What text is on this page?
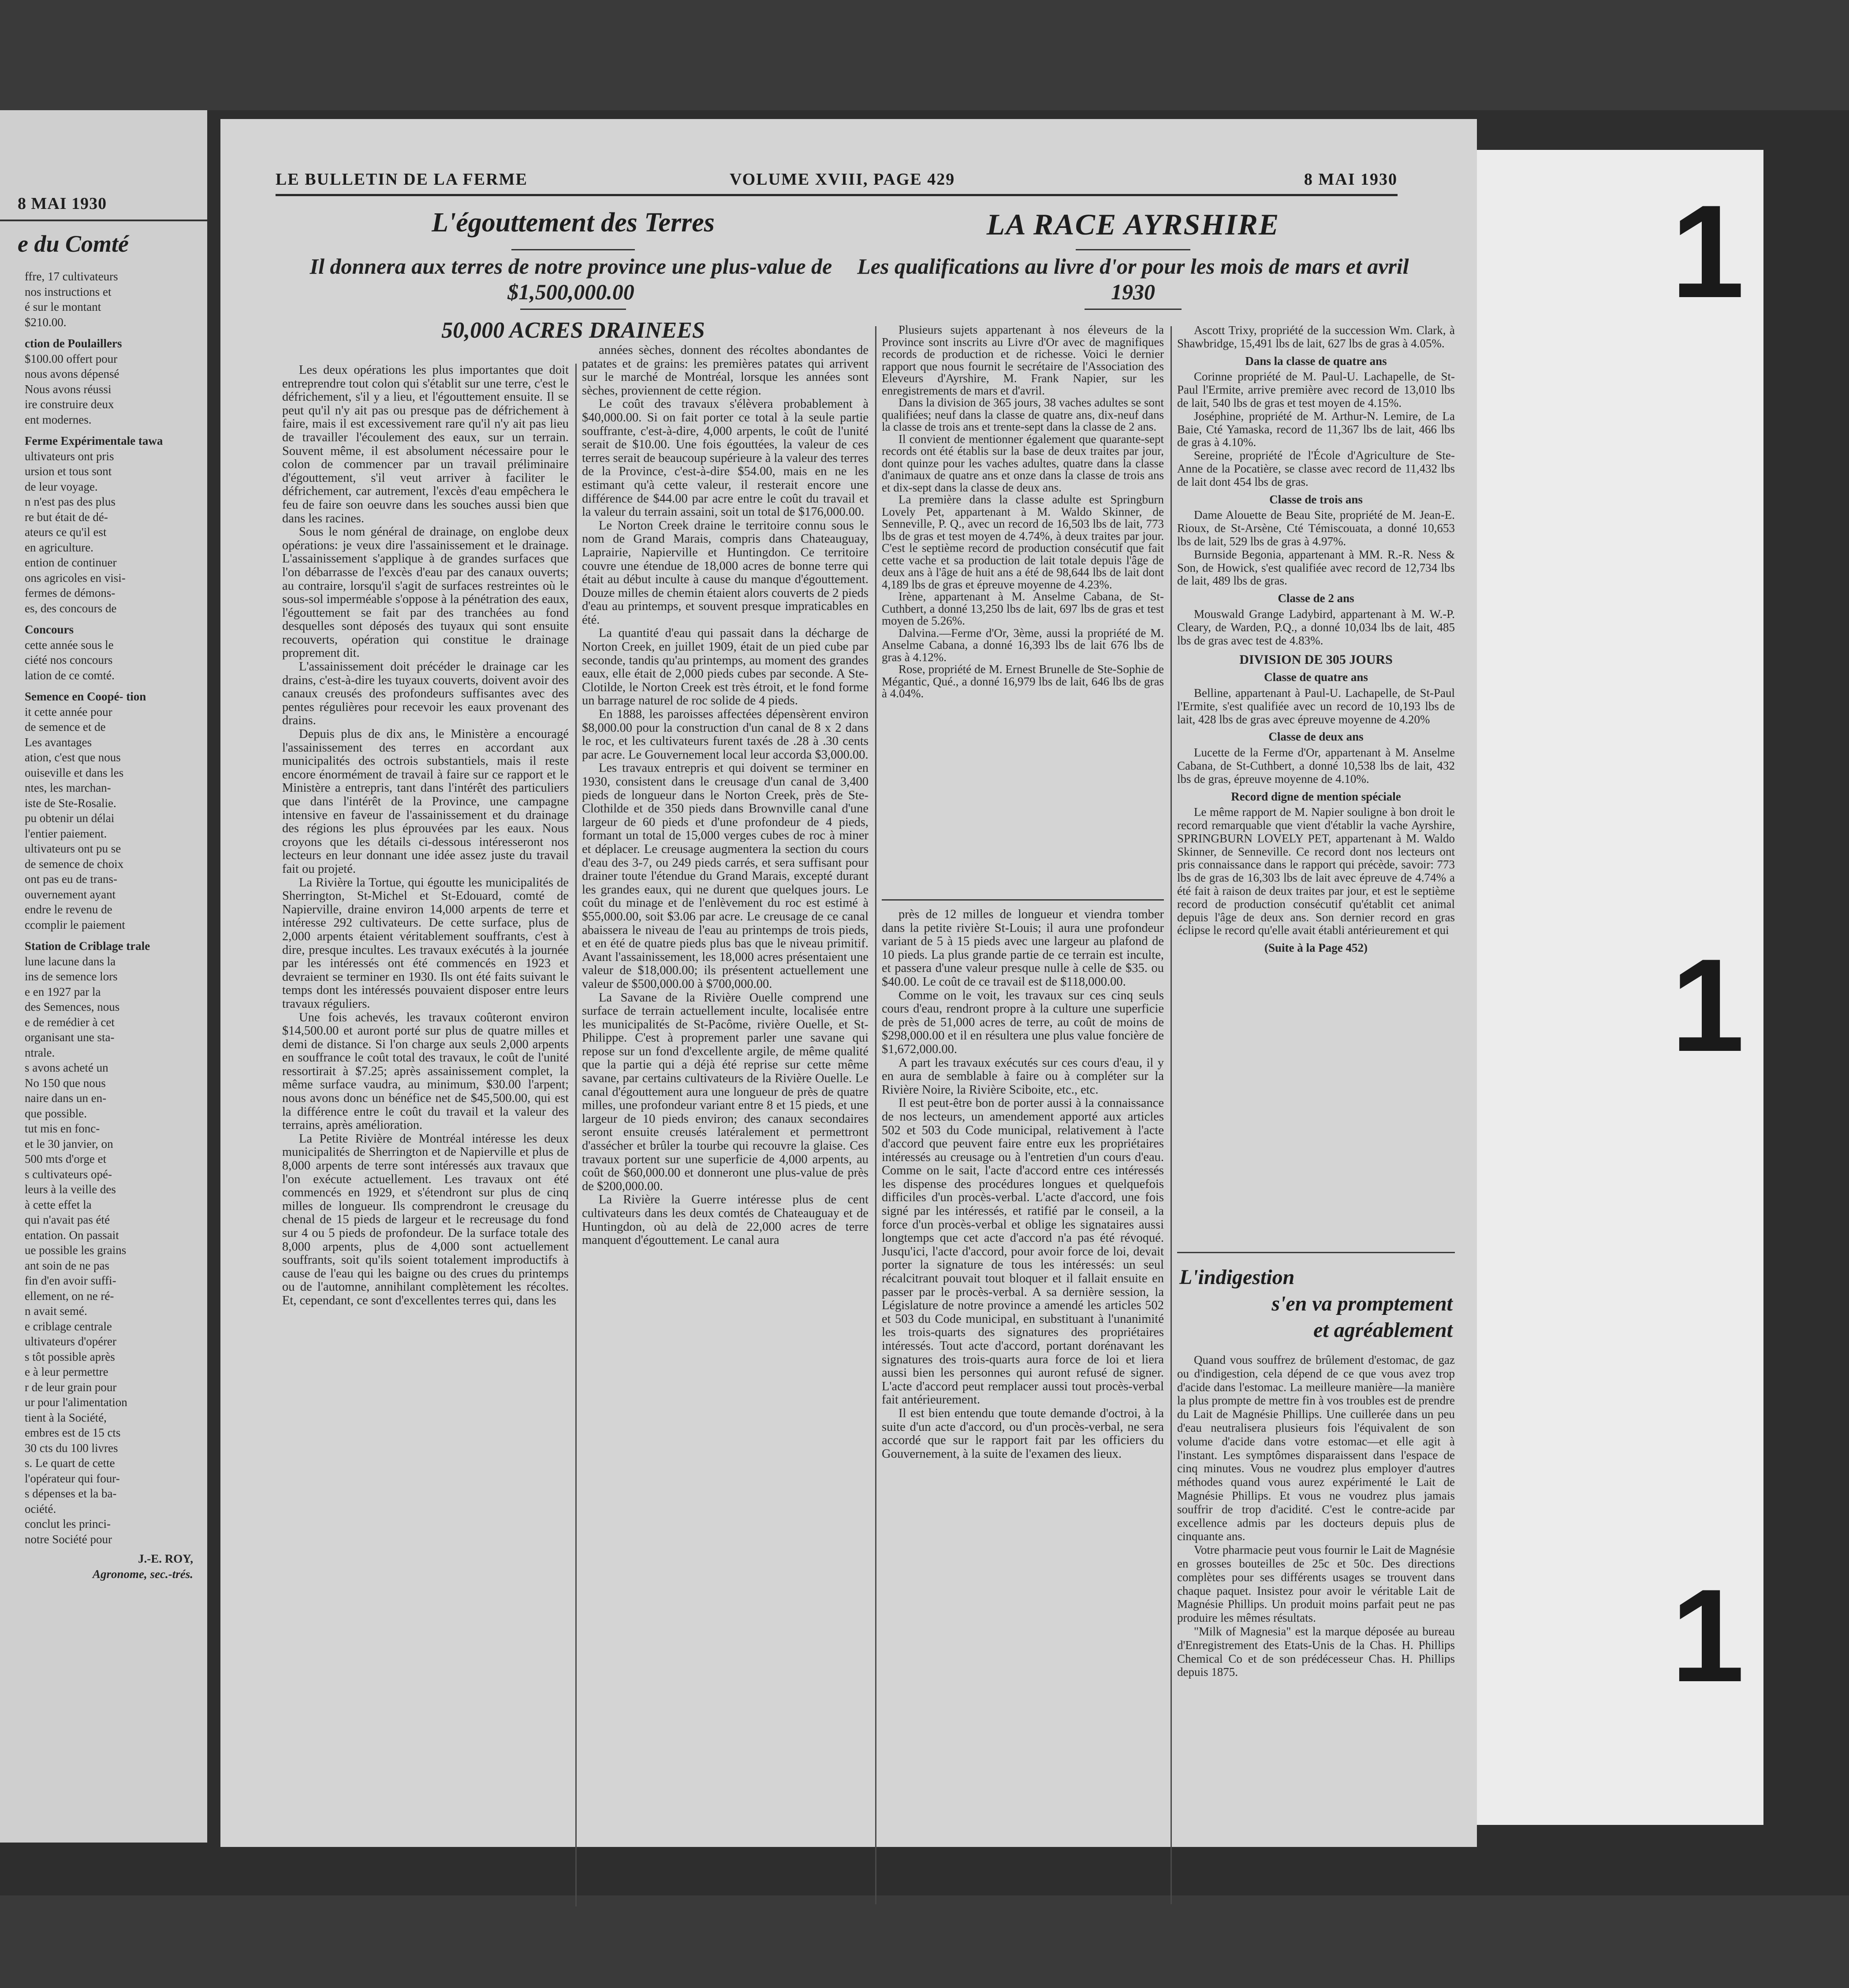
8 MAI 1930
e du Comté

ffre, 17 cultivateurs

nos instructions et

é sur le montant

$210.00.

ction de Poulaillers

$100.00 offert pour

nous avons dépensé

Nous avons réussi

ire construire deux

ent modernes.

Ferme Expérimentale tawa

ultivateurs ont pris

ursion et tous sont

de leur voyage.

n n'est pas des plus

re but était de dé-

ateurs ce qu'il est

en agriculture.

ention de continuer

ons agricoles en visi-

fermes de démons-

es, des concours de

Concours

cette année sous le

ciété nos concours

lation de ce comté.

Semence en Coopé- tion

it cette année pour

de semence et de

Les avantages

ation, c'est que nous

ouiseville et dans les

ntes, les marchan-

iste de Ste-Rosalie.

pu obtenir un délai

l'entier paiement.

ultivateurs ont pu se

de semence de choix

ont pas eu de trans-

ouvernement ayant

endre le revenu de

ccomplir le paiement

Station de Criblage trale

lune lacune dans la

ins de semence lors

e en 1927 par la

des Semences, nous

e de remédier à cet

organisant une sta-

ntrale.

s avons acheté un

No 150 que nous

naire dans un en-

que possible.

tut mis en fonc-

et le 30 janvier, on

500 mts d'orge et

s cultivateurs opé-

leurs à la veille des

à cette effet la

qui n'avait pas été

entation. On passait

ue possible les grains

ant soin de ne pas

fin d'en avoir suffi-

ellement, on ne ré-

n avait semé.

e criblage centrale

ultivateurs d'opérer

s tôt possible après

e à leur permettre

r de leur grain pour

ur pour l'alimentation

tient à la Société,

embres est de 15 cts

30 cts du 100 livres

s. Le quart de cette

l'opérateur qui four-

s dépenses et la ba-

ociété.

conclut les princi-

notre Société pour

J.-E. ROY,
Agronome, sec.-trés.
LE BULLETIN DE LA FERME	VOLUME XVIII, PAGE 429	8 MAI 1930
L'égouttement des Terres
Il donnera aux terres de notre province une plus-value de $1,500,000.00
50,000 ACRES DRAINEES
LA RACE AYRSHIRE
Les qualifications au livre d'or pour les mois de mars et avril 1930

Les deux opérations les plus importantes que doit entreprendre tout colon qui s'établit sur une terre, c'est le défrichement, s'il y a lieu, et l'égouttement ensuite. Il se peut qu'il n'y ait pas ou presque pas de défrichement à faire, mais il est excessivement rare qu'il n'y ait pas lieu de travailler l'écoulement des eaux, sur un terrain. Souvent même, il est absolument nécessaire pour le colon de commencer par un travail préliminaire d'égouttement, s'il veut arriver à faciliter le défrichement, car autrement, l'excès d'eau empêchera le feu de faire son oeuvre dans les souches aussi bien que dans les racines.

Sous le nom général de drainage, on englobe deux opérations: je veux dire l'assainissement et le drainage. L'assainissement s'applique à de grandes surfaces que l'on débarrasse de l'excès d'eau par des canaux ouverts; au contraire, lorsqu'il s'agit de surfaces restreintes où le sous-sol imperméable s'oppose à la pénétration des eaux, l'égouttement se fait par des tranchées au fond desquelles sont déposés des tuyaux qui sont ensuite recouverts, opération qui constitue le drainage proprement dit.

L'assainissement doit précéder le drainage car les drains, c'est-à-dire les tuyaux couverts, doivent avoir des canaux creusés des profondeurs suffisantes avec des pentes régulières pour recevoir les eaux provenant des drains.

Depuis plus de dix ans, le Ministère a encouragé l'assainissement des terres en accordant aux municipalités des octrois substantiels, mais il reste encore énormément de travail à faire sur ce rapport et le Ministère a entrepris, tant dans l'intérêt des particuliers que dans l'intérêt de la Province, une campagne intensive en faveur de l'assainissement et du drainage des régions les plus éprouvées par les eaux. Nous croyons que les détails ci-dessous intéresseront nos lecteurs en leur donnant une idée assez juste du travail fait ou projeté.

La Rivière la Tortue, qui égoutte les municipalités de Sherrington, St-Michel et St-Edouard, comté de Napierville, draine environ 14,000 arpents de terre et intéresse 292 cultivateurs. De cette surface, plus de 2,000 arpents étaient véritablement souffrants, c'est à dire, presque incultes. Les travaux exécutés à la journée par les intéressés ont été commencés en 1923 et devraient se terminer en 1930. Ils ont été faits suivant le temps dont les intéressés pouvaient disposer entre leurs travaux réguliers.

Une fois achevés, les travaux coûteront environ $14,500.00 et auront porté sur plus de quatre milles et demi de distance. Si l'on charge aux seuls 2,000 arpents en souffrance le coût total des travaux, le coût de l'unité ressortirait à $7.25; après assainissement complet, la même surface vaudra, au minimum, $30.00 l'arpent; nous avons donc un bénéfice net de $45,500.00, qui est la différence entre le coût du travail et la valeur des terrains, après amélioration.

La Petite Rivière de Montréal intéresse les deux municipalités de Sherrington et de Napierville et plus de 8,000 arpents de terre sont intéressés aux travaux que l'on exécute actuellement. Les travaux ont été commencés en 1929, et s'étendront sur plus de cinq milles de longueur. Ils comprendront le creusage du chenal de 15 pieds de largeur et le recreusage du fond sur 4 ou 5 pieds de profondeur. De la surface totale des 8,000 arpents, plus de 4,000 sont actuellement souffrants, soit qu'ils soient totalement improductifs à cause de l'eau qui les baigne ou des crues du printemps ou de l'automne, annihilant complètement les récoltes. Et, cependant, ce sont d'excellentes terres qui, dans les

années sèches, donnent des récoltes abondantes de patates et de grains: les premières patates qui arrivent sur le marché de Montréal, lorsque les années sont sèches, proviennent de cette région.

Le coût des travaux s'élèvera probablement à $40,000.00. Si on fait porter ce total à la seule partie souffrante, c'est-à-dire, 4,000 arpents, le coût de l'unité serait de $10.00. Une fois égouttées, la valeur de ces terres serait de beaucoup supérieure à la valeur des terres de la Province, c'est-à-dire $54.00, mais en ne les estimant qu'à cette valeur, il resterait encore une différence de $44.00 par acre entre le coût du travail et la valeur du terrain assaini, soit un total de $176,000.00.

Le Norton Creek draine le territoire connu sous le nom de Grand Marais, compris dans Chateauguay, Laprairie, Napierville et Huntingdon. Ce territoire couvre une étendue de 18,000 acres de bonne terre qui était au début inculte à cause du manque d'égouttement. Douze milles de chemin étaient alors couverts de 2 pieds d'eau au printemps, et souvent presque impraticables en été.

La quantité d'eau qui passait dans la décharge de Norton Creek, en juillet 1909, était de un pied cube par seconde, tandis qu'au printemps, au moment des grandes eaux, elle était de 2,000 pieds cubes par seconde. A Ste-Clotilde, le Norton Creek est très étroit, et le fond forme un barrage naturel de roc solide de 4 pieds.

En 1888, les paroisses affectées dépensèrent environ $8,000.00 pour la construction d'un canal de 8 x 2 dans le roc, et les cultivateurs furent taxés de .28 à .30 cents par acre. Le Gouvernement local leur accorda $3,000.00.

Les travaux entrepris et qui doivent se terminer en 1930, consistent dans le creusage d'un canal de 3,400 pieds de longueur dans le Norton Creek, près de Ste-Clothilde et de 350 pieds dans Brownville canal d'une largeur de 60 pieds et d'une profondeur de 4 pieds, formant un total de 15,000 verges cubes de roc à miner et déplacer. Le creusage augmentera la section du cours d'eau des 3-7, ou 249 pieds carrés, et sera suffisant pour drainer toute l'étendue du Grand Marais, excepté durant les grandes eaux, qui ne durent que quelques jours. Le coût du minage et de l'enlèvement du roc est estimé à $55,000.00, soit $3.06 par acre. Le creusage de ce canal abaissera le niveau de l'eau au printemps de trois pieds, et en été de quatre pieds plus bas que le niveau primitif. Avant l'assainissement, les 18,000 acres présentaient une valeur de $18,000.00; ils présentent actuellement une valeur de $500,000.00 à $700,000.00.

La Savane de la Rivière Ouelle comprend une surface de terrain actuellement inculte, localisée entre les municipalités de St-Pacôme, rivière Ouelle, et St-Philippe. C'est à proprement parler une savane qui repose sur un fond d'excellente argile, de même qualité que la partie qui a déjà été reprise sur cette même savane, par certains cultivateurs de la Rivière Ouelle. Le canal d'égouttement aura une longueur de près de quatre milles, une profondeur variant entre 8 et 15 pieds, et une largeur de 10 pieds environ; des canaux secondaires seront ensuite creusés latéralement et permettront d'assécher et brûler la tourbe qui recouvre la glaise. Ces travaux portent sur une superficie de 4,000 arpents, au coût de $60,000.00 et donneront une plus-value de près de $200,000.00.

La Rivière la Guerre intéresse plus de cent cultivateurs dans les deux comtés de Chateauguay et de Huntingdon, où au delà de 22,000 acres de terre manquent d'égouttement. Le canal aura

Plusieurs sujets appartenant à nos éleveurs de la Province sont inscrits au Livre d'Or avec de magnifiques records de production et de richesse. Voici le dernier rapport que nous fournit le secrétaire de l'Association des Eleveurs d'Ayrshire, M. Frank Napier, sur les enregistrements de mars et d'avril.

Dans la division de 365 jours, 38 vaches adultes se sont qualifiées; neuf dans la classe de quatre ans, dix-neuf dans la classe de trois ans et trente-sept dans la classe de 2 ans.

Il convient de mentionner également que quarante-sept records ont été établis sur la base de deux traites par jour, dont quinze pour les vaches adultes, quatre dans la classe d'animaux de quatre ans et onze dans la classe de trois ans et dix-sept dans la classe de deux ans.

La première dans la classe adulte est Springburn Lovely Pet, appartenant à M. Waldo Skinner, de Senneville, P. Q., avec un record de 16,503 lbs de lait, 773 lbs de gras et test moyen de 4.74%, à deux traites par jour. C'est le septième record de production consécutif que fait cette vache et sa production de lait totale depuis l'âge de deux ans à l'âge de huit ans a été de 98,644 lbs de lait dont 4,189 lbs de gras et épreuve moyenne de 4.23%.

Irène, appartenant à M. Anselme Cabana, de St-Cuthbert, a donné 13,250 lbs de lait, 697 lbs de gras et test moyen de 5.26%.

Dalvina.—Ferme d'Or, 3ème, aussi la propriété de M. Anselme Cabana, a donné 16,393 lbs de lait 676 lbs de gras à 4.12%.

Rose, propriété de M. Ernest Brunelle de Ste-Sophie de Mégantic, Qué., a donné 16,979 lbs de lait, 646 lbs de gras à 4.04%.

près de 12 milles de longueur et viendra tomber dans la petite rivière St-Louis; il aura une profondeur variant de 5 à 15 pieds avec une largeur au plafond de 10 pieds. La plus grande partie de ce terrain est inculte, et passera d'une valeur presque nulle à celle de $35. ou $40.00. Le coût de ce travail est de $118,000.00.

Comme on le voit, les travaux sur ces cinq seuls cours d'eau, rendront propre à la culture une superficie de près de 51,000 acres de terre, au coût de moins de $298,000.00 et il en résultera une plus value foncière de $1,672,000.00.

A part les travaux exécutés sur ces cours d'eau, il y en aura de semblable à faire ou à compléter sur la Rivière Noire, la Rivière Sciboite, etc., etc.

Il est peut-être bon de porter aussi à la connaissance de nos lecteurs, un amendement apporté aux articles 502 et 503 du Code municipal, relativement à l'acte d'accord que peuvent faire entre eux les propriétaires intéressés au creusage ou à l'entretien d'un cours d'eau. Comme on le sait, l'acte d'accord entre ces intéressés les dispense des procédures longues et quelquefois difficiles d'un procès-verbal. L'acte d'accord, une fois signé par les intéressés, et ratifié par le conseil, a la force d'un procès-verbal et oblige les signataires aussi longtemps que cet acte d'accord n'a pas été révoqué. Jusqu'ici, l'acte d'accord, pour avoir force de loi, devait porter la signature de tous les intéressés: un seul récalcitrant pouvait tout bloquer et il fallait ensuite en passer par le procès-verbal. A sa dernière session, la Législature de notre province a amendé les articles 502 et 503 du Code municipal, en substituant à l'unanimité les trois-quarts des signatures des propriétaires intéressés. Tout acte d'accord, portant dorénavant les signatures des trois-quarts aura force de loi et liera aussi bien les personnes qui auront refusé de signer. L'acte d'accord peut remplacer aussi tout procès-verbal fait antérieurement.

Il est bien entendu que toute demande d'octroi, à la suite d'un acte d'accord, ou d'un procès-verbal, ne sera accordé que sur le rapport fait par les officiers du Gouvernement, à la suite de l'examen des lieux.

Ascott Trixy, propriété de la succession Wm. Clark, à Shawbridge, 15,491 lbs de lait, 627 lbs de gras à 4.05%.

Dans la classe de quatre ans

Corinne propriété de M. Paul-U. Lachapelle, de St-Paul l'Ermite, arrive première avec record de 13,010 lbs de lait, 540 lbs de gras et test moyen de 4.15%.

Joséphine, propriété de M. Arthur-N. Lemire, de La Baie, Cté Yamaska, record de 11,367 lbs de lait, 466 lbs de gras à 4.10%.

Sereine, propriété de l'École d'Agriculture de Ste-Anne de la Pocatière, se classe avec record de 11,432 lbs de lait dont 454 lbs de gras.

Classe de trois ans

Dame Alouette de Beau Site, propriété de M. Jean-E. Rioux, de St-Arsène, Cté Témiscouata, a donné 10,653 lbs de lait, 529 lbs de gras à 4.97%.

Burnside Begonia, appartenant à MM. R.-R. Ness & Son, de Howick, s'est qualifiée avec record de 12,734 lbs de lait, 489 lbs de gras.

Classe de 2 ans

Mouswald Grange Ladybird, appartenant à M. W.-P. Cleary, de Warden, P.Q., a donné 10,034 lbs de lait, 485 lbs de gras avec test de 4.83%.

DIVISION DE 305 JOURS
Classe de quatre ans

Belline, appartenant à Paul-U. Lachapelle, de St-Paul l'Ermite, s'est qualifiée avec un record de 10,193 lbs de lait, 428 lbs de gras avec épreuve moyenne de 4.20%

Classe de deux ans

Lucette de la Ferme d'Or, appartenant à M. Anselme Cabana, de St-Cuthbert, a donné 10,538 lbs de lait, 432 lbs de gras, épreuve moyenne de 4.10%.

Record digne de mention spéciale

Le même rapport de M. Napier souligne à bon droit le record remarquable que vient d'établir la vache Ayrshire, SPRINGBURN LOVELY PET, appartenant à M. Waldo Skinner, de Senneville. Ce record dont nos lecteurs ont pris connaissance dans le rapport qui précède, savoir: 773 lbs de gras de 16,303 lbs de lait avec épreuve de 4.74% a été fait à raison de deux traites par jour, et est le septième record de production consécutif qu'établit cet animal depuis l'âge de deux ans. Son dernier record en gras éclipse le record qu'elle avait établi antérieurement et qui

(Suite à la Page 452)

L'indigestion
s'en va promptement
et agréablement

Quand vous souffrez de brûlement d'estomac, de gaz ou d'indigestion, cela dépend de ce que vous avez trop d'acide dans l'estomac. La meilleure manière—la manière la plus prompte de mettre fin à vos troubles est de prendre du Lait de Magnésie Phillips. Une cuillerée dans un peu d'eau neutralisera plusieurs fois l'équivalent de son volume d'acide dans votre estomac—et elle agit à l'instant. Les symptômes disparaissent dans l'espace de cinq minutes. Vous ne voudrez plus employer d'autres méthodes quand vous aurez expérimenté le Lait de Magnésie Phillips. Et vous ne voudrez plus jamais souffrir de trop d'acidité. C'est le contre-acide par excellence admis par les docteurs depuis plus de cinquante ans.

Votre pharmacie peut vous fournir le Lait de Magnésie en grosses bouteilles de 25c et 50c. Des directions complètes pour ses différents usages se trouvent dans chaque paquet. Insistez pour avoir le véritable Lait de Magnésie Phillips. Un produit moins parfait peut ne pas produire les mêmes résultats.

"Milk of Magnesia" est la marque déposée au bureau d'Enregistrement des Etats-Unis de la Chas. H. Phillips Chemical Co et de son prédécesseur Chas. H. Phillips depuis 1875.

1
1
1
